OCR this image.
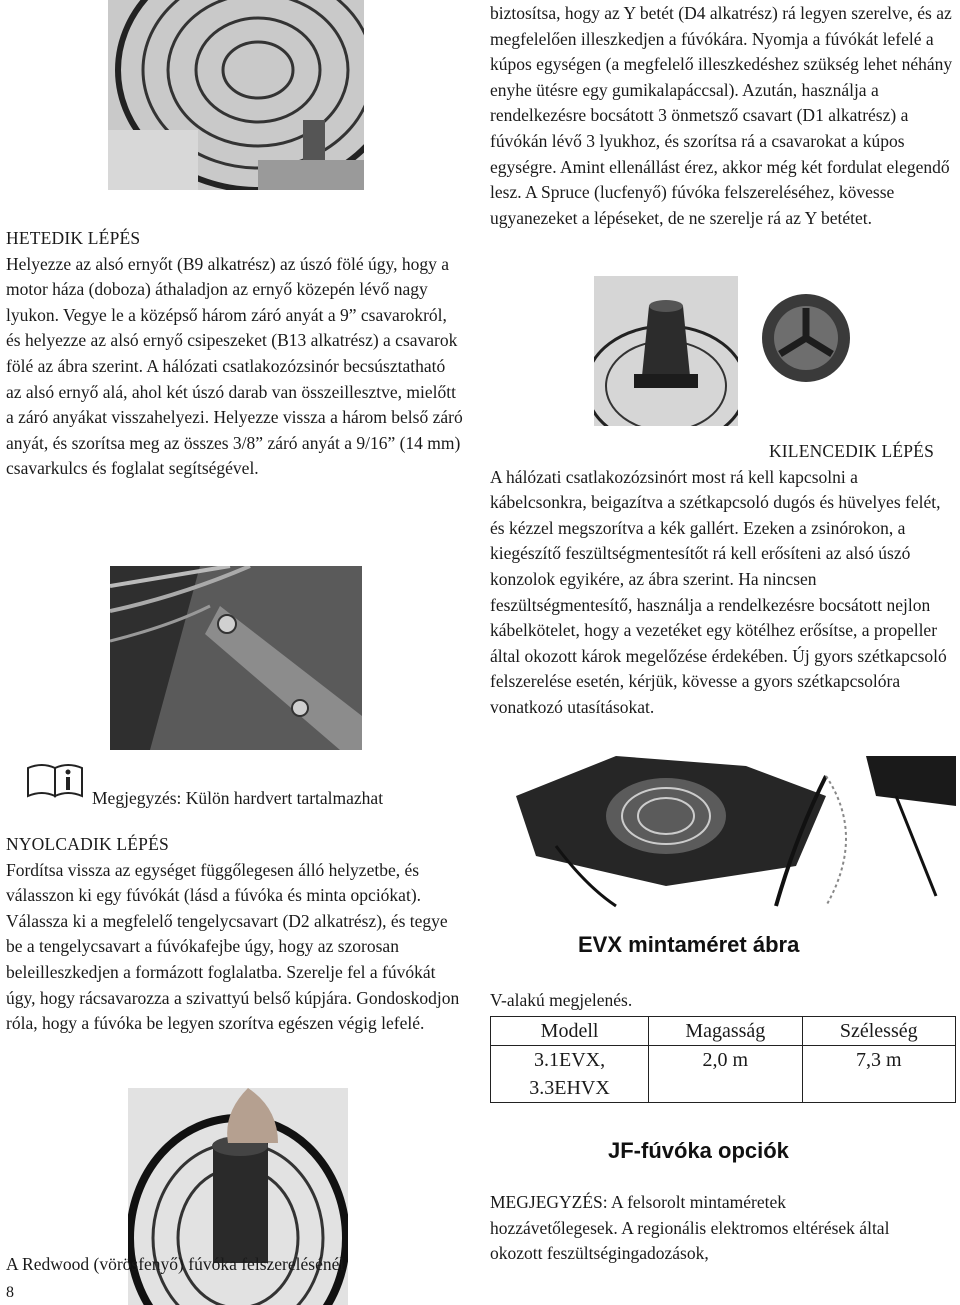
HETEDIK LÉPÉS

Helyezze az alsó ernyőt (B9 alkatrész) az úszó fölé úgy, hogy a motor háza (doboza) áthaladjon az ernyő közepén lévő nagy lyukon. Vegye le a középső három záró anyát a 9” csavarokról, és helyezze az alsó ernyő csipeszeket (B13 alkatrész) a csavarok fölé az ábra szerint. A hálózati csatlakozózsinór becsúsztatható az alsó ernyő alá, ahol két úszó darab van összeillesztve, mielőtt a záró anyákat visszahelyezi. Helyezze vissza a három belső záró anyát, és szorítsa meg az összes 3/8” záró anyát a 9/16” (14 mm) csavarkulcs és foglalat segítségével.

Megjegyzés: Külön hardvert tartalmazhat
NYOLCADIK LÉPÉS

Fordítsa vissza az egységet függőlegesen álló helyzetbe, és válasszon ki egy fúvókát (lásd a fúvóka és minta opciókat). Válassza ki a megfelelő tengelycsavart (D2 alkatrész), és tegye be a tengelycsavart a fúvókafejbe úgy, hogy az szorosan beleilleszkedjen a formázott foglalatba. Szerelje fel a fúvókát úgy, hogy rácsavarozza a szivattyú belső kúpjára. Gondoskodjon róla, hogy a fúvóka be legyen szorítva egészen végig lefelé.

A Redwood (vörösfenyő) fúvóka felszerelésénél
8
biztosítsa, hogy az Y betét (D4 alkatrész) rá legyen szerelve, és az megfelelően illeszkedjen a fúvókára. Nyomja a fúvókát lefelé a kúpos egységen (a megfelelő illeszkedéshez szükség lehet néhány enyhe ütésre egy gumikalapáccsal). Azután, használja a rendelkezésre bocsátott 3 önmetsző csavart (D1 alkatrész) a fúvókán lévő 3 lyukhoz, és szorítsa rá a csavarokat a kúpos egységre. Amint ellenállást érez, akkor még két fordulat elegendő lesz. A Spruce (lucfenyő) fúvóka felszereléséhez, kövesse ugyanezeket a lépéseket, de ne szerelje rá az Y betétet.
KILENCEDIK LÉPÉS

A hálózati csatlakozózsinórt most rá kell kapcsolni a kábelcsonkra, beigazítva a szétkapcsoló dugós és hüvelyes felét, és kézzel megszorítva a kék gallért. Ezeken a zsinórokon, a kiegészítő feszültségmentesítőt rá kell erősíteni az alsó úszó konzolok egyikére, az ábra szerint. Ha nincsen feszültségmentesítő, használja a rendelkezésre bocsátott nejlon kábelkötelet, hogy a vezetéket egy kötélhez erősítse, a propeller által okozott károk megelőzése érdekében. Új gyors szétkapcsoló felszerelése esetén, kérjük, kövesse a gyors szétkapcsolóra vonatkozó utasításokat.

EVX mintaméret ábra
V-alakú megjelenés.
Modell	Magasság	Szélesség
3.1EVX,
3.3EHVX	2,0 m	7,3 m
JF-fúvóka opciók
MEGJEGYZÉS: A felsorolt mintaméretek hozzávetőlegesek. A regionális elektromos eltérések által okozott feszültségingadozások,
